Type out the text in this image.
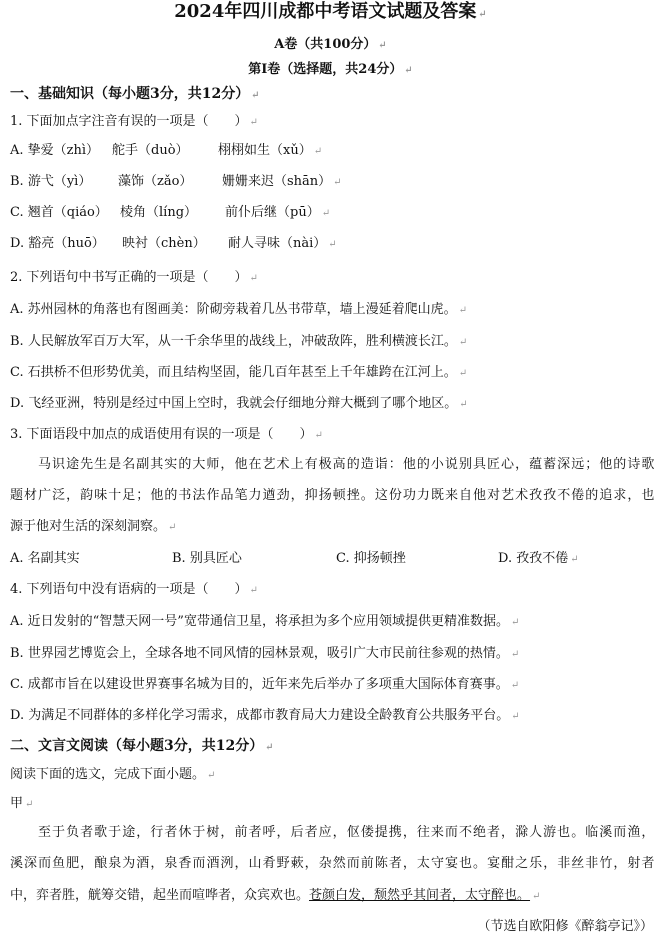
2024年四川成都中考语文试题及答案 ↵
A卷（共100分） ↵
第I卷（选择题，共24分） ↵
一、基础知识（每小题3分，共12分） ↵
1. 下面加点字注音有误的一项是（　　） ↵
A. 挚爱（zhì） 舵手（duò） 栩栩如生（xǔ） ↵
B. 游弋（yì） 藻饰（zǎo） 姗姗来迟（shān） ↵
C. 翘首（qiáo） 棱角（líng） 前仆后继（pū） ↵
D. 豁亮（huō） 映衬（chèn） 耐人寻味（nài） ↵
2. 下列语句中书写正确的一项是（　　） ↵
A. 苏州园林的角落也有图画美：阶砌旁栽着几丛书带草，墙上漫延着爬山虎。 ↵
B. 人民解放军百万大军，从一千余华里的战线上，冲破敌阵，胜利横渡长江。 ↵
C. 石拱桥不但形势优美，而且结构坚固，能几百年甚至上千年雄跨在江河上。 ↵
D. 飞经亚洲，特别是经过中国上空时，我就会仔细地分辩大概到了哪个地区。 ↵
3. 下面语段中加点的成语使用有误的一项是（　　） ↵
马 识 途 先 生 是 名 副 其 实 的 大 师 ， 他 在 艺 术 上 有 极 高 的 造 诣 ： 他 的 小 说 别 具 匠 心 ， 蕴 蓄 深 远 ； 他 的 诗 歌
题 材 广 泛 ， 韵 味 十 足 ； 他 的 书 法 作 品 笔 力 遒 劲 ， 抑 扬 顿 挫 。 这 份 功 力 既 来 自 他 对 艺 术 孜 孜 不 倦 的 追 求 ， 也
源于他对生活的深刻洞察。 ↵
A. 名副其实	B. 别具匠心	C. 抑扬顿挫	D. 孜孜不倦 ↵
4. 下列语句中没有语病的一项是（　　） ↵
A. 近日发射的“智慧天网一号”宽带通信卫星，将承担为多个应用领域提供更精准数据。 ↵
B. 世界园艺博览会上，全球各地不同风情的园林景观，吸引广大市民前往参观的热情。 ↵
C. 成都市旨在以建设世界赛事名城为目的，近年来先后举办了多项重大国际体育赛事。 ↵
D. 为满足不同群体的多样化学习需求，成都市教育局大力建设全龄教育公共服务平台。 ↵
二、文言文阅读（每小题3分，共12分） ↵
阅读下面的选文，完成下面小题。 ↵
甲 ↵
至 于 负 者 歌 于 途 ， 行 者 休 于 树 ， 前 者 呼 ， 后 者 应 ， 伛 偻 提 携 ， 往 来 而 不 绝 者 ， 滁 人 游 也 。 临 溪 而 渔 ，
溪 深 而 鱼 肥 ， 酿 泉 为 酒 ， 泉 香 而 酒 洌 ， 山 肴 野 蔌 ， 杂 然 而 前 陈 者 ， 太 守 宴 也 。 宴 酣 之 乐 ， 非 丝 非 竹 ， 射 者
中，弈者胜，觥筹交错，起坐而喧哗者，众宾欢也。苍颜白发，颓然乎其间者，太守醉也。 ↵
（节选自欧阳修《醉翁亭记》）
